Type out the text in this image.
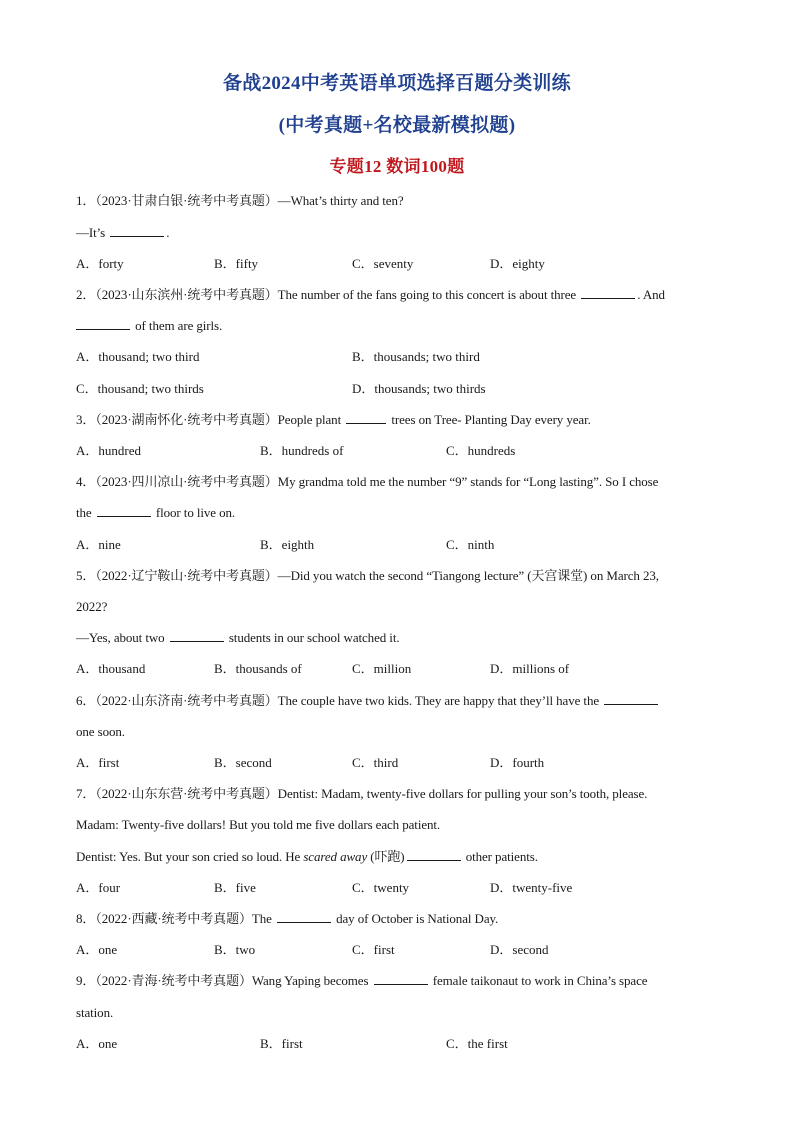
备战2024中考英语单项选择百题分类训练
(中考真题+名校最新模拟题)
专题12 数词100题
1．（2023·甘肃白银·统考中考真题）—What’s thirty and ten?
—It’s	.
A．forty	B．fifty	C．seventy	D．eighty
2．（2023·山东滨州·统考中考真题）The number of the fans going to this concert is about three	. And
of them are girls.
A．thousand; two third	B．thousands; two third
C．thousand; two thirds	D．thousands; two thirds
3．（2023·湖南怀化·统考中考真题）People plant	trees on Tree- Planting Day every year.
A．hundred	B．hundreds of	C．hundreds
4．（2023·四川凉山·统考中考真题）My grandma told me the number “9” stands for “Long lasting”. So I chose
the	floor to live on.
A．nine	B．eighth	C．ninth
5．（2022·辽宁鞍山·统考中考真题）—Did you watch the second “Tiangong lecture” (天宫课堂) on March 23,
2022?
—Yes, about two	students in our school watched it.
A．thousand	B．thousands of	C．million	D．millions of
6．（2022·山东济南·统考中考真题）The couple have two kids. They are happy that they’ll have the
one soon.
A．first	B．second	C．third	D．fourth
7．（2022·山东东营·统考中考真题）Dentist: Madam, twenty-five dollars for pulling your son’s tooth, please.
Madam: Twenty-five dollars! But you told me five dollars each patient.
Dentist: Yes. But your son cried so loud. He scared away (吓跑)	other patients.
A．four	B．five	C．twenty	D．twenty-five
8．（2022·西藏·统考中考真题）The	day of October is National Day.
A．one	B．two	C．first	D．second
9．（2022·青海·统考中考真题）Wang Yaping becomes	female taikonaut to work in China’s space
station.
A．one	B．first	C．the first
